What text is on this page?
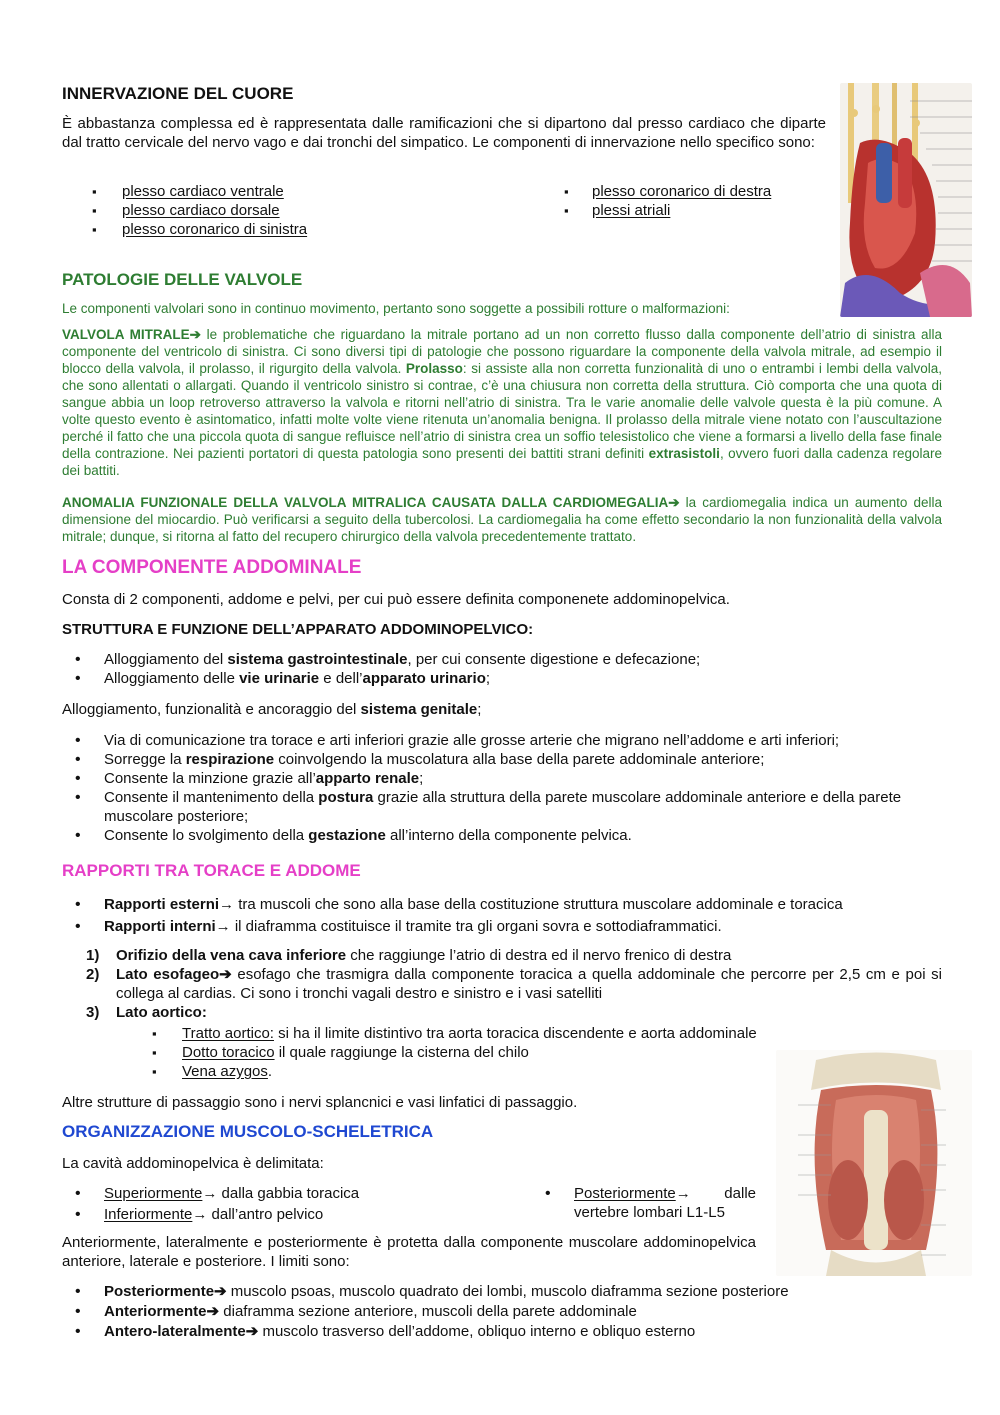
INNERVAZIONE DEL CUORE

È abbastanza complessa ed è rappresentata dalle ramificazioni che si dipartono dal presso cardiaco che diparte dal tratto cervicale del nervo vago e dai tronchi del simpatico. Le componenti di innervazione nello specifico sono:

▪ plesso cardiaco ventrale
▪ plesso cardiaco dorsale
▪ plesso coronarico di sinistra
▪ plesso coronarico di destra
▪ plessi atriali
PATOLOGIE DELLE VALVOLE

Le componenti valvolari sono in continuo movimento, pertanto sono soggette a possibili rotture o malformazioni:

VALVOLA MITRALE➔ le problematiche che riguardano la mitrale portano ad un non corretto flusso dalla componente dell’atrio di sinistra alla componente del ventricolo di sinistra. Ci sono diversi tipi di patologie che possono riguardare la componente della valvola mitrale, ad esempio il blocco della valvola, il prolasso, il rigurgito della valvola. Prolasso: si assiste alla non corretta funzionalità di uno o entrambi i lembi della valvola, che sono allentati o allargati. Quando il ventricolo sinistro si contrae, c’è una chiusura non corretta della struttura. Ciò comporta che una quota di sangue abbia un loop retroverso attraverso la valvola e ritorni nell’atrio di sinistra. Tra le varie anomalie delle valvole questa è la più comune. A volte questo evento è asintomatico, infatti molte volte viene ritenuta un’anomalia benigna. Il prolasso della mitrale viene notato con l’auscultazione perché il fatto che una piccola quota di sangue refluisce nell’atrio di sinistra crea un soffio telesistolico che viene a formarsi a livello della fase finale della contrazione. Nei pazienti portatori di questa patologia sono presenti dei battiti strani definiti extrasistoli, ovvero fuori dalla cadenza regolare dei battiti.

ANOMALIA FUNZIONALE DELLA VALVOLA MITRALICA CAUSATA DALLA CARDIOMEGALIA➔ la cardiomegalia indica un aumento della dimensione del miocardio. Può verificarsi a seguito della tubercolosi. La cardiomegalia ha come effetto secondario la non funzionalità della valvola mitrale; dunque, si ritorna al fatto del recupero chirurgico della valvola precedentemente trattato.

LA COMPONENTE ADDOMINALE

Consta di 2 componenti, addome e pelvi, per cui può essere definita componenete addominopelvica.

STRUTTURA E FUNZIONE DELL’APPARATO ADDOMINOPELVICO:
• Alloggiamento del sistema gastrointestinale, per cui consente digestione e defecazione;
• Alloggiamento delle vie urinarie e dell’apparato urinario;

Alloggiamento, funzionalità e ancoraggio del sistema genitale;

• Via di comunicazione tra torace e arti inferiori grazie alle grosse arterie che migrano nell’addome e arti inferiori;
• Sorregge la respirazione coinvolgendo la muscolatura alla base della parete addominale anteriore;
• Consente la minzione grazie all’apparto renale;
• Consente il mantenimento della postura grazie alla struttura della parete muscolare addominale anteriore e della parete muscolare posteriore;
• Consente lo svolgimento della gestazione all’interno della componente pelvica.
RAPPORTI TRA TORACE E ADDOME
• Rapporti esterni→ tra muscoli che sono alla base della costituzione struttura muscolare addominale e toracica
• Rapporti interni→ il diaframma costituisce il tramite tra gli organi sovra e sottodiaframmatici.
1) Orifizio della vena cava inferiore che raggiunge l’atrio di destra ed il nervo frenico di destra
2) Lato esofageo➔ esofago che trasmigra dalla componente toracica a quella addominale che percorre per 2,5 cm e poi si collega al cardias. Ci sono i tronchi vagali destro e sinistro e i vasi satelliti
3) Lato aortico:
▪ Tratto aortico: si ha il limite distintivo tra aorta toracica discendente e aorta addominale
▪ Dotto toracico il quale raggiunge la cisterna del chilo
▪ Vena azygos.

Altre strutture di passaggio sono i nervi splancnici e vasi linfatici di passaggio.

ORGANIZZAZIONE MUSCOLO-SCHELETRICA

La cavità addominopelvica è delimitata:

• Superiormente→ dalla gabbia toracica
• Inferiormente→ dall’antro pelvico
• Posteriormente→ dalle vertebre lombari L1-L5

Anteriormente, lateralmente e posteriormente è protetta dalla componente muscolare addominopelvica anteriore, laterale e posteriore. I limiti sono:

• Posteriormente➔ muscolo psoas, muscolo quadrato dei lombi, muscolo diaframma sezione posteriore
• Anteriormente➔ diaframma sezione anteriore, muscoli della parete addominale
• Antero-lateralmente➔ muscolo trasverso dell’addome, obliquo interno e obliquo esterno
